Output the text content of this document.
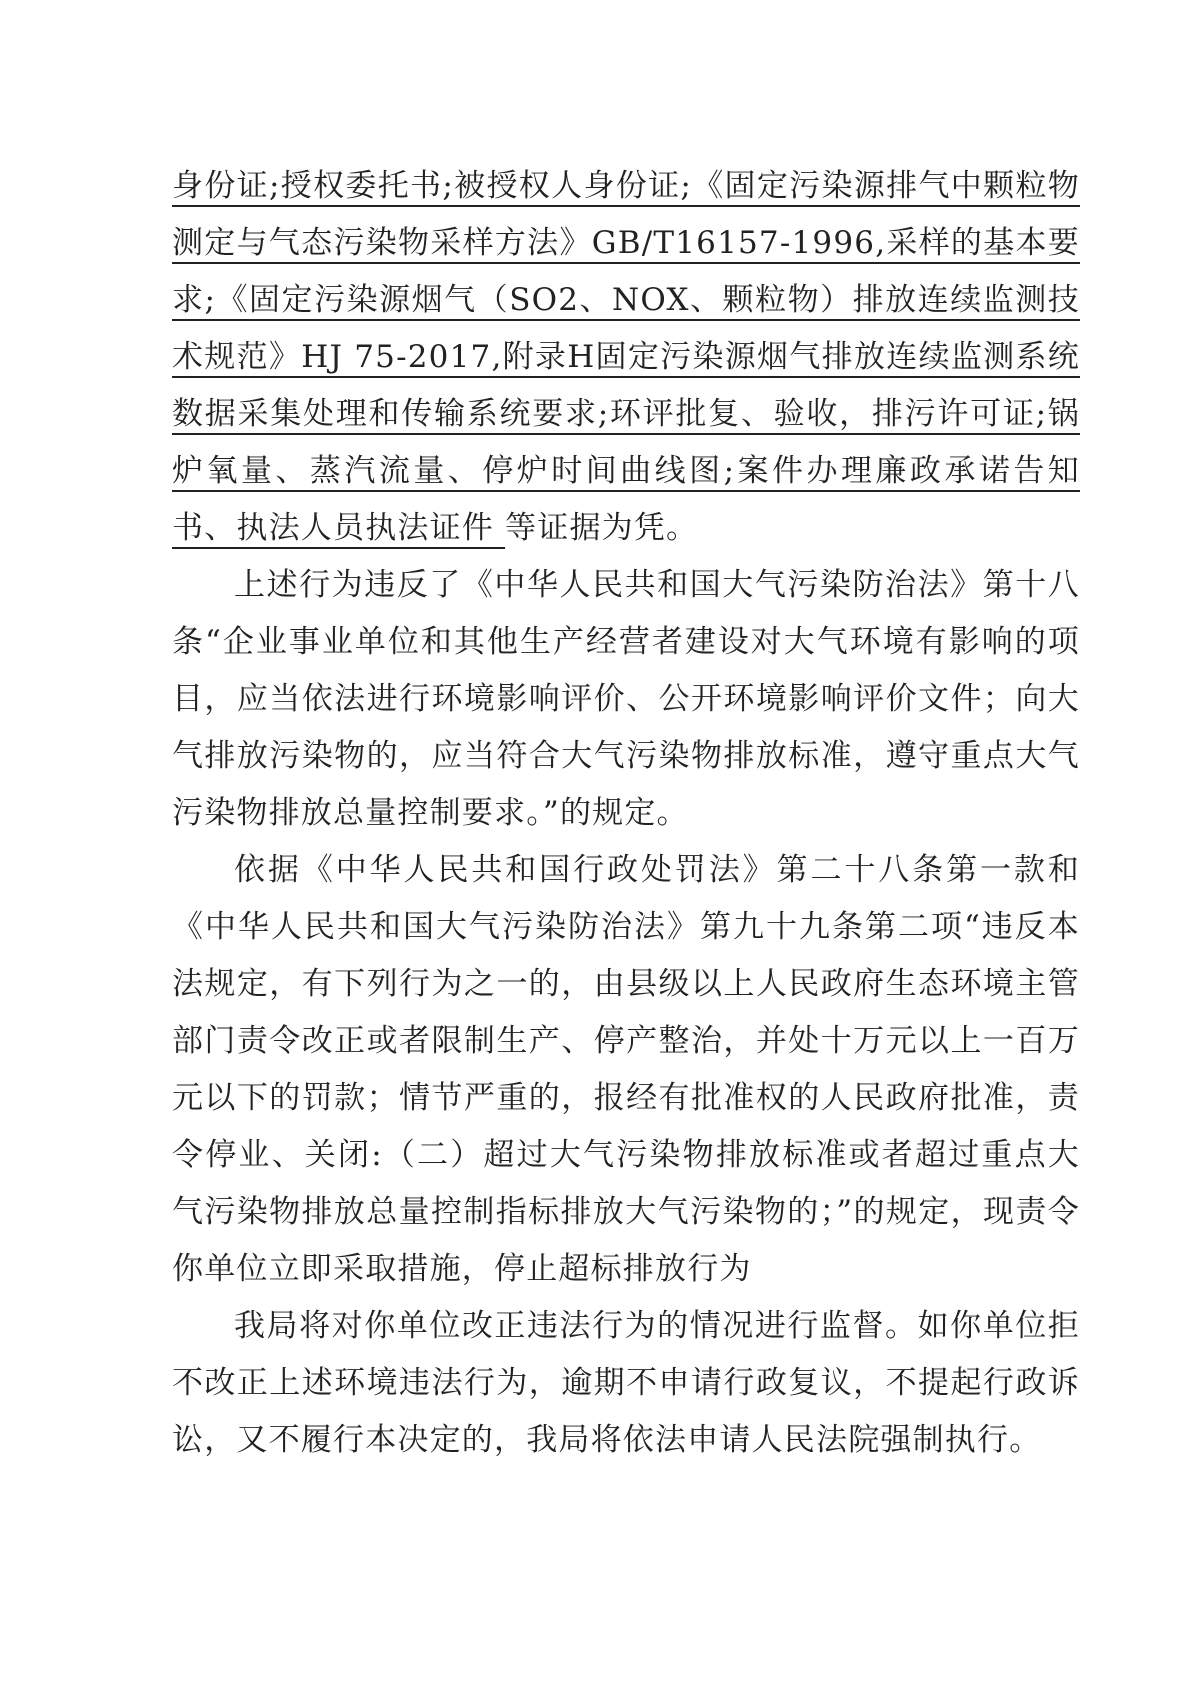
身份证;授权委托书;被授权人身份证;《固定污染源排气中颗粒物测定与气态污染物采样方法》GB/T16157-1996,采样的基本要求;《固定污染源烟气（SO2、NOX、颗粒物）排放连续监测技术规范》HJ 75-2017,附录H固定污染源烟气排放连续监测系统数据采集处理和传输系统要求;环评批复、验收，排污许可证;锅炉氧量、蒸汽流量、停炉时间曲线图;案件办理廉政承诺告知书、执法人员执法证件 等证据为凭。

上述行为违反了《中华人民共和国大气污染防治法》第十八条“企业事业单位和其他生产经营者建设对大气环境有影响的项目，应当依法进行环境影响评价、公开环境影响评价文件；向大气排放污染物的，应当符合大气污染物排放标准，遵守重点大气污染物排放总量控制要求。”的规定。

依据《中华人民共和国行政处罚法》第二十八条第一款和《中华人民共和国大气污染防治法》第九十九条第二项“违反本法规定，有下列行为之一的，由县级以上人民政府生态环境主管部门责令改正或者限制生产、停产整治，并处十万元以上一百万元以下的罚款；情节严重的，报经有批准权的人民政府批准，责令停业、关闭:（二）超过大气污染物排放标准或者超过重点大气污染物排放总量控制指标排放大气污染物的；”的规定，现责令你单位立即采取措施，停止超标排放行为

我局将对你单位改正违法行为的情况进行监督。如你单位拒不改正上述环境违法行为，逾期不申请行政复议，不提起行政诉讼，又不履行本决定的，我局将依法申请人民法院强制执行。
